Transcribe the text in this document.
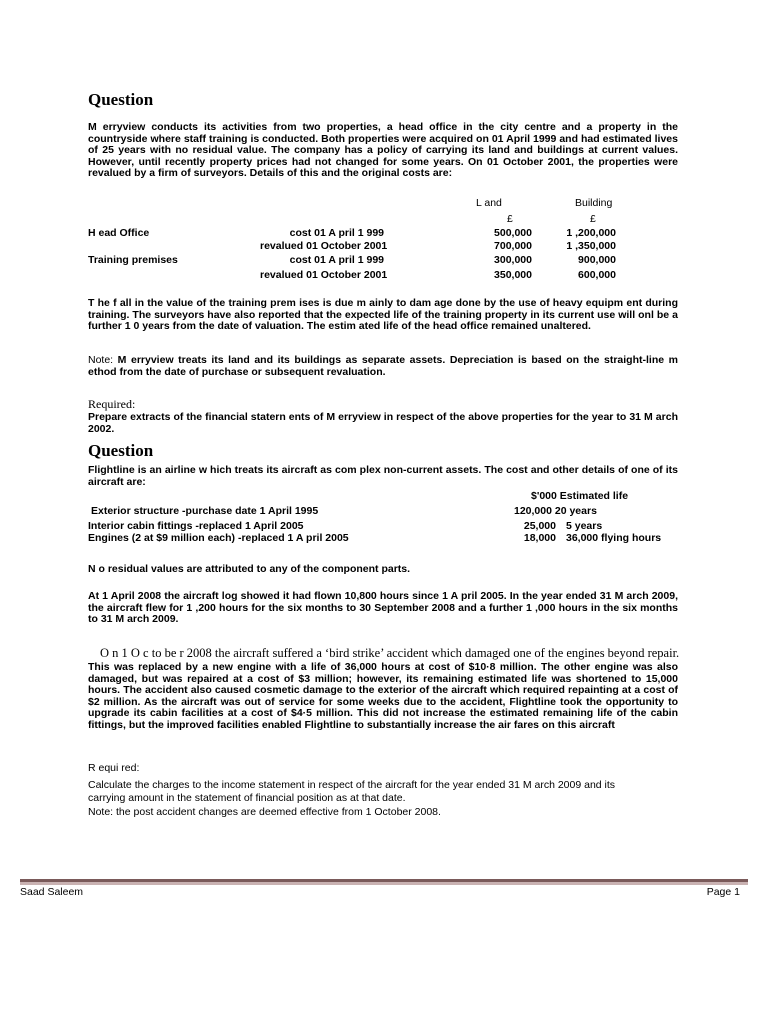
Question
M erryview conducts its activities from two properties, a head office in the city centre and a property in the countryside where staff training is conducted. Both properties were acquired on 01 April 1999 and had estimated lives of 25 years with no residual value. The company has a policy of carrying its land and buildings at current values. However, until recently property prices had not changed for some years. On 01 October 2001, the properties were revalued by a firm of surveyors. Details of this and the original costs are:
L and	Building
£	£
H ead Office	cost 01 A pril 1 999	500,000	1 ,200,000
revalued 01 October 2001	700,000	1 ,350,000
Training premises	cost 01 A pril 1 999	300,000	900,000
revalued 01 October 2001	350,000	600,000
T he f all in the value of the training prem ises is due m ainly to dam age done by the use of heavy equipm ent during training. The surveyors have also reported that the expected life of the training property in its current use will onl be a further 1 0 years from the date of valuation. The estim ated life of the head office remained unaltered.
Note: M erryview treats its land and its buildings as separate assets. Depreciation is based on the straight-line m ethod from the date of purchase or subsequent revaluation.
Required:
Prepare extracts of the financial statern ents of M erryview in respect of the above properties for the year to 31 M arch 2002.
Question
Flightline is an airline w hich treats its aircraft as com plex non-current assets. The cost and other details of one of its aircraft are:
$'000 Estimated life
Exterior structure -purchase date 1 April 1995	120,000 20 years
Interior cabin fittings -replaced 1 April 2005	25,000 5 years
Engines (2 at $9 million each) -replaced 1 A pril 2005	18,000 36,000 flying hours
N o residual values are attributed to any of the component parts.
At 1 April 2008 the aircraft log showed it had flown 10,800 hours since 1 A pril 2005. In the year ended 31 M arch 2009, the aircraft flew for 1 ,200 hours for the six months to 30 September 2008 and a further 1 ,000 hours in the six months to 31 M arch 2009.
O n 1 O c to be r 2008 the aircraft suffered a ‘bird strike’ accident which damaged one of the engines beyond repair.
This was replaced by a new engine with a life of 36,000 hours at cost of $10·8 million. The other engine was also damaged, but was repaired at a cost of $3 million; however, its remaining estimated life was shortened to 15,000 hours. The accident also caused cosmetic damage to the exterior of the aircraft which required repainting at a cost of $2 million. As the aircraft was out of service for some weeks due to the accident, Flightline took the opportunity to upgrade its cabin facilities at a cost of $4·5 million. This did not increase the estimated remaining life of the cabin fittings, but the improved facilities enabled Flightline to substantially increase the air fares on this aircraft
R equi red:
Calculate the charges to the income statement in respect of the aircraft for the year ended 31 M arch 2009 and its carrying amount in the statement of financial position as at that date.
Note: the post accident changes are deemed effective from 1 October 2008.
Saad Saleem	Page 1
